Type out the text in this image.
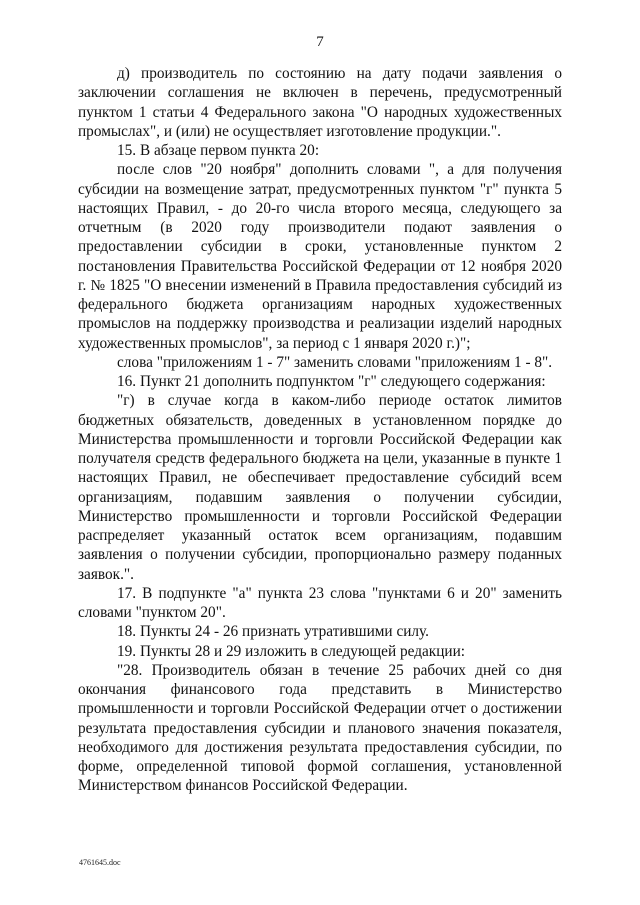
7

д) производитель по состоянию на дату подачи заявления о заключении соглашения не включен в перечень, предусмотренный пунктом 1 статьи 4 Федерального закона "О народных художественных промыслах", и (или) не осуществляет изготовление продукции.".

15. В абзаце первом пункта 20:

после слов "20 ноября" дополнить словами ", а для получения субсидии на возмещение затрат, предусмотренных пунктом "г" пункта 5 настоящих Правил, - до 20-го числа второго месяца, следующего за отчетным (в 2020 году производители подают заявления о предоставлении субсидии в сроки, установленные пунктом 2 постановления Правительства Российской Федерации от 12 ноября 2020 г. № 1825 "О внесении изменений в Правила предоставления субсидий из федерального бюджета организациям народных художественных промыслов на поддержку производства и реализации изделий народных художественных промыслов", за период с 1 января 2020 г.)";

слова "приложениям 1 - 7" заменить словами "приложениям 1 - 8".

16. Пункт 21 дополнить подпунктом "г" следующего содержания:

"г) в случае когда в каком-либо периоде остаток лимитов бюджетных обязательств, доведенных в установленном порядке до Министерства промышленности и торговли Российской Федерации как получателя средств федерального бюджета на цели, указанные в пункте 1 настоящих Правил, не обеспечивает предоставление субсидий всем организациям, подавшим заявления о получении субсидии, Министерство промышленности и торговли Российской Федерации распределяет указанный остаток всем организациям, подавшим заявления о получении субсидии, пропорционально размеру поданных заявок.".

17. В подпункте "а" пункта 23 слова "пунктами 6 и 20" заменить словами "пунктом 20".

18. Пункты 24 - 26 признать утратившими силу.

19. Пункты 28 и 29 изложить в следующей редакции:

"28. Производитель обязан в течение 25 рабочих дней со дня окончания финансового года представить в Министерство промышленности и торговли Российской Федерации отчет о достижении результата предоставления субсидии и планового значения показателя, необходимого для достижения результата предоставления субсидии, по форме, определенной типовой формой соглашения, установленной Министерством финансов Российской Федерации.

4761645.doc
